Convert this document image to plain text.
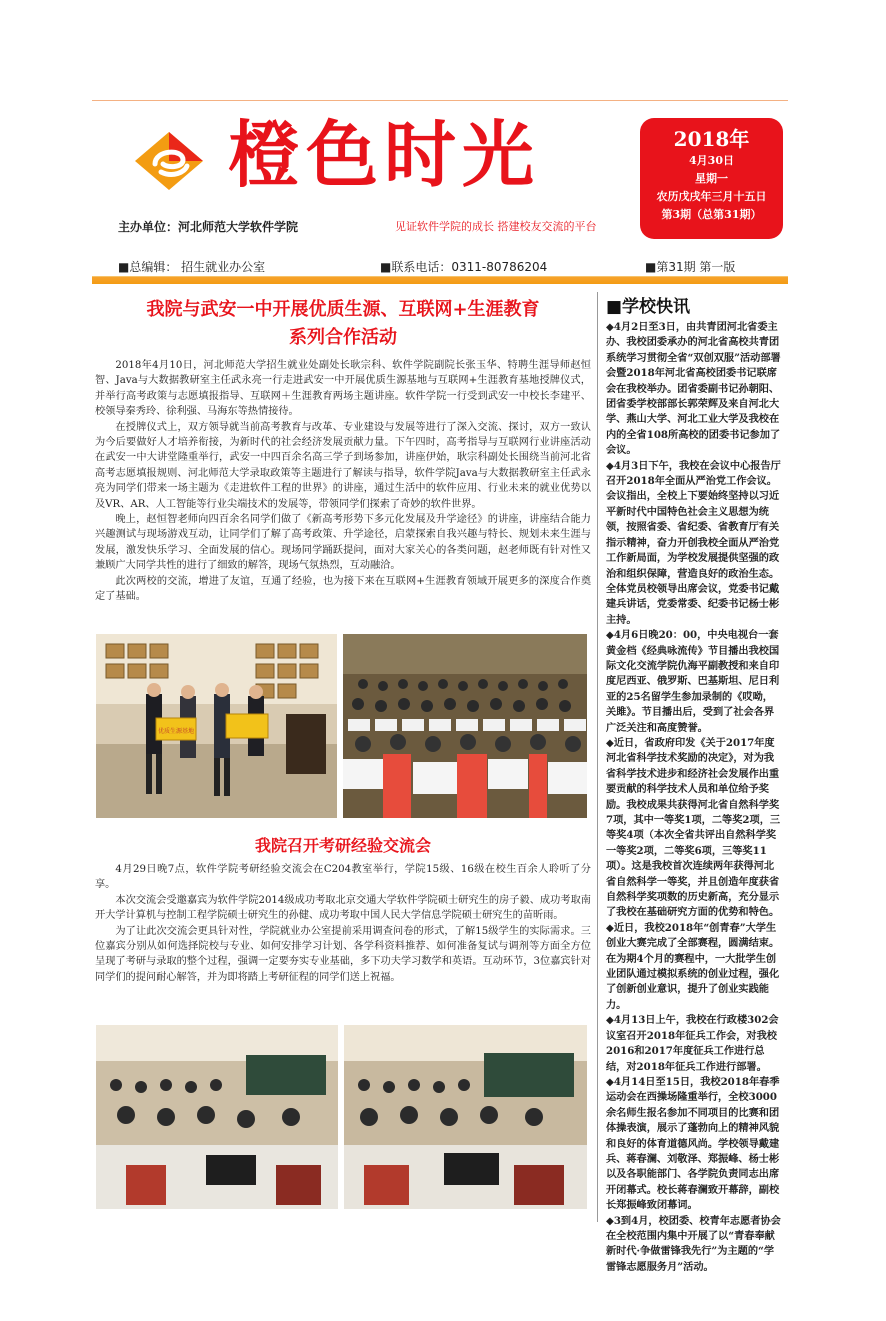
橙色时光
主办单位：河北师范大学软件学院	见证软件学院的成长 搭建校友交流的平台
2018年
4月30日
星期一
农历戊戌年三月十五日
第3期（总第31期）
■总编辑： 招生就业办公室	■联系电话：0311-80786204	■第31期 第一版
我院与武安一中开展优质生源、互联网+生涯教育
系列合作活动

2018年4月10日，河北师范大学招生就业处副处长耿宗科、软件学院副院长张玉华、特聘生涯导师赵恒智、Java与大数据教研室主任武永亮一行走进武安一中开展优质生源基地与互联网+生涯教育基地授牌仪式，并举行高考政策与志愿填报指导、互联网＋生涯教育两场主题讲座。软件学院一行受到武安一中校长李建平、校领导秦秀玲、徐利强、马海东等热情接待。

在授牌仪式上，双方领导就当前高考教育与改革、专业建设与发展等进行了深入交流、探讨，双方一致认为今后要做好人才培养衔接，为新时代的社会经济发展贡献力量。下午四时，高考指导与互联网行业讲座活动在武安一中大讲堂隆重举行，武安一中四百余名高三学子到场参加，讲座伊始，耿宗科副处长围绕当前河北省高考志愿填报规则、河北师范大学录取政策等主题进行了解读与指导，软件学院Java与大数据教研室主任武永亮为同学们带来一场主题为《走进软件工程的世界》的讲座，通过生活中的软件应用、行业未来的就业优势以及VR、AR、人工智能等行业尖端技术的发展等，带领同学们探索了奇妙的软件世界。

晚上，赵恒智老师向四百余名同学们做了《新高考形势下多元化发展及升学途径》的讲座，讲座结合能力兴趣测试与现场游戏互动，让同学们了解了高考政策、升学途径，启蒙探索自我兴趣与特长、规划未来生涯与发展，激发快乐学习、全面发展的信心。现场同学踊跃提问，面对大家关心的各类问题，赵老师既有针对性又兼顾广大同学共性的进行了细致的解答，现场气氛热烈，互动融洽。

此次两校的交流，增进了友谊，互通了经验，也为接下来在互联网+生涯教育领域开展更多的深度合作奠定了基础。

优质生源基地
我院召开考研经验交流会

4月29日晚7点，软件学院考研经验交流会在C204教室举行，学院15级、16级在校生百余人聆听了分享。

本次交流会受邀嘉宾为软件学院2014级成功考取北京交通大学软件学院硕士研究生的房子毅、成功考取南开大学计算机与控制工程学院硕士研究生的孙健、成功考取中国人民大学信息学院硕士研究生的苗昕雨。

为了让此次交流会更具针对性，学院就业办公室提前采用调查问卷的形式，了解15级学生的实际需求。三位嘉宾分别从如何选择院校与专业、如何安排学习计划、各学科资料推荐、如何准备复试与调剂等方面全方位呈现了考研与录取的整个过程，强调一定要夯实专业基础，多下功夫学习数学和英语。互动环节，3位嘉宾针对同学们的提问耐心解答，并为即将踏上考研征程的同学们送上祝福。

■学校快讯

◆4月2日至3日，由共青团河北省委主办、我校团委承办的河北省高校共青团系统学习贯彻全省“双创双服”活动部署会暨2018年河北省高校团委书记联席会在我校举办。团省委副书记孙朝阳、团省委学校部部长郭荣辉及来自河北大学、燕山大学、河北工业大学及我校在内的全省108所高校的团委书记参加了会议。

◆4月3日下午，我校在会议中心报告厅召开2018年全面从严治党工作会议。会议指出，全校上下要始终坚持以习近平新时代中国特色社会主义思想为统领，按照省委、省纪委、省教育厅有关指示精神，奋力开创我校全面从严治党工作新局面，为学校发展提供坚强的政治和组织保障，营造良好的政治生态。全体党员校领导出席会议，党委书记戴建兵讲话，党委常委、纪委书记杨士彬主持。

◆4月6日晚20：00，中央电视台一套黄金档《经典咏流传》节目播出我校国际文化交流学院仇海平副教授和来自印度尼西亚、俄罗斯、巴基斯坦、尼日利亚的25名留学生参加录制的《哎呦，关雎》。节目播出后，受到了社会各界广泛关注和高度赞誉。

◆近日，省政府印发《关于2017年度河北省科学技术奖励的决定》，对为我省科学技术进步和经济社会发展作出重要贡献的科学技术人员和单位给予奖励。我校成果共获得河北省自然科学奖7项，其中一等奖1项，二等奖2项，三等奖4项（本次全省共评出自然科学奖一等奖2项，二等奖6项，三等奖11项）。这是我校首次连续两年获得河北省自然科学一等奖，并且创造年度获省自然科学奖项数的历史新高，充分显示了我校在基础研究方面的优势和特色。

◆近日，我校2018年“创青春”大学生创业大赛完成了全部赛程，圆满结束。在为期4个月的赛程中，一大批学生创业团队通过模拟系统的创业过程，强化了创新创业意识，提升了创业实践能力。

◆4月13日上午，我校在行政楼302会议室召开2018年征兵工作会，对我校2016和2017年度征兵工作进行总结，对2018年征兵工作进行部署。

◆4月14日至15日，我校2018年春季运动会在西操场隆重举行，全校3000余名师生报名参加不同项目的比赛和团体操表演，展示了蓬勃向上的精神风貌和良好的体育道德风尚。学校领导戴建兵、蒋春澜、刘敬泽、郑振峰、杨士彬以及各职能部门、各学院负责同志出席开闭幕式。校长蒋春澜致开幕辞，副校长郑振峰致闭幕词。

◆3到4月，校团委、校青年志愿者协会在全校范围内集中开展了以“青春奉献新时代·争做雷锋我先行”为主题的“学雷锋志愿服务月”活动。
